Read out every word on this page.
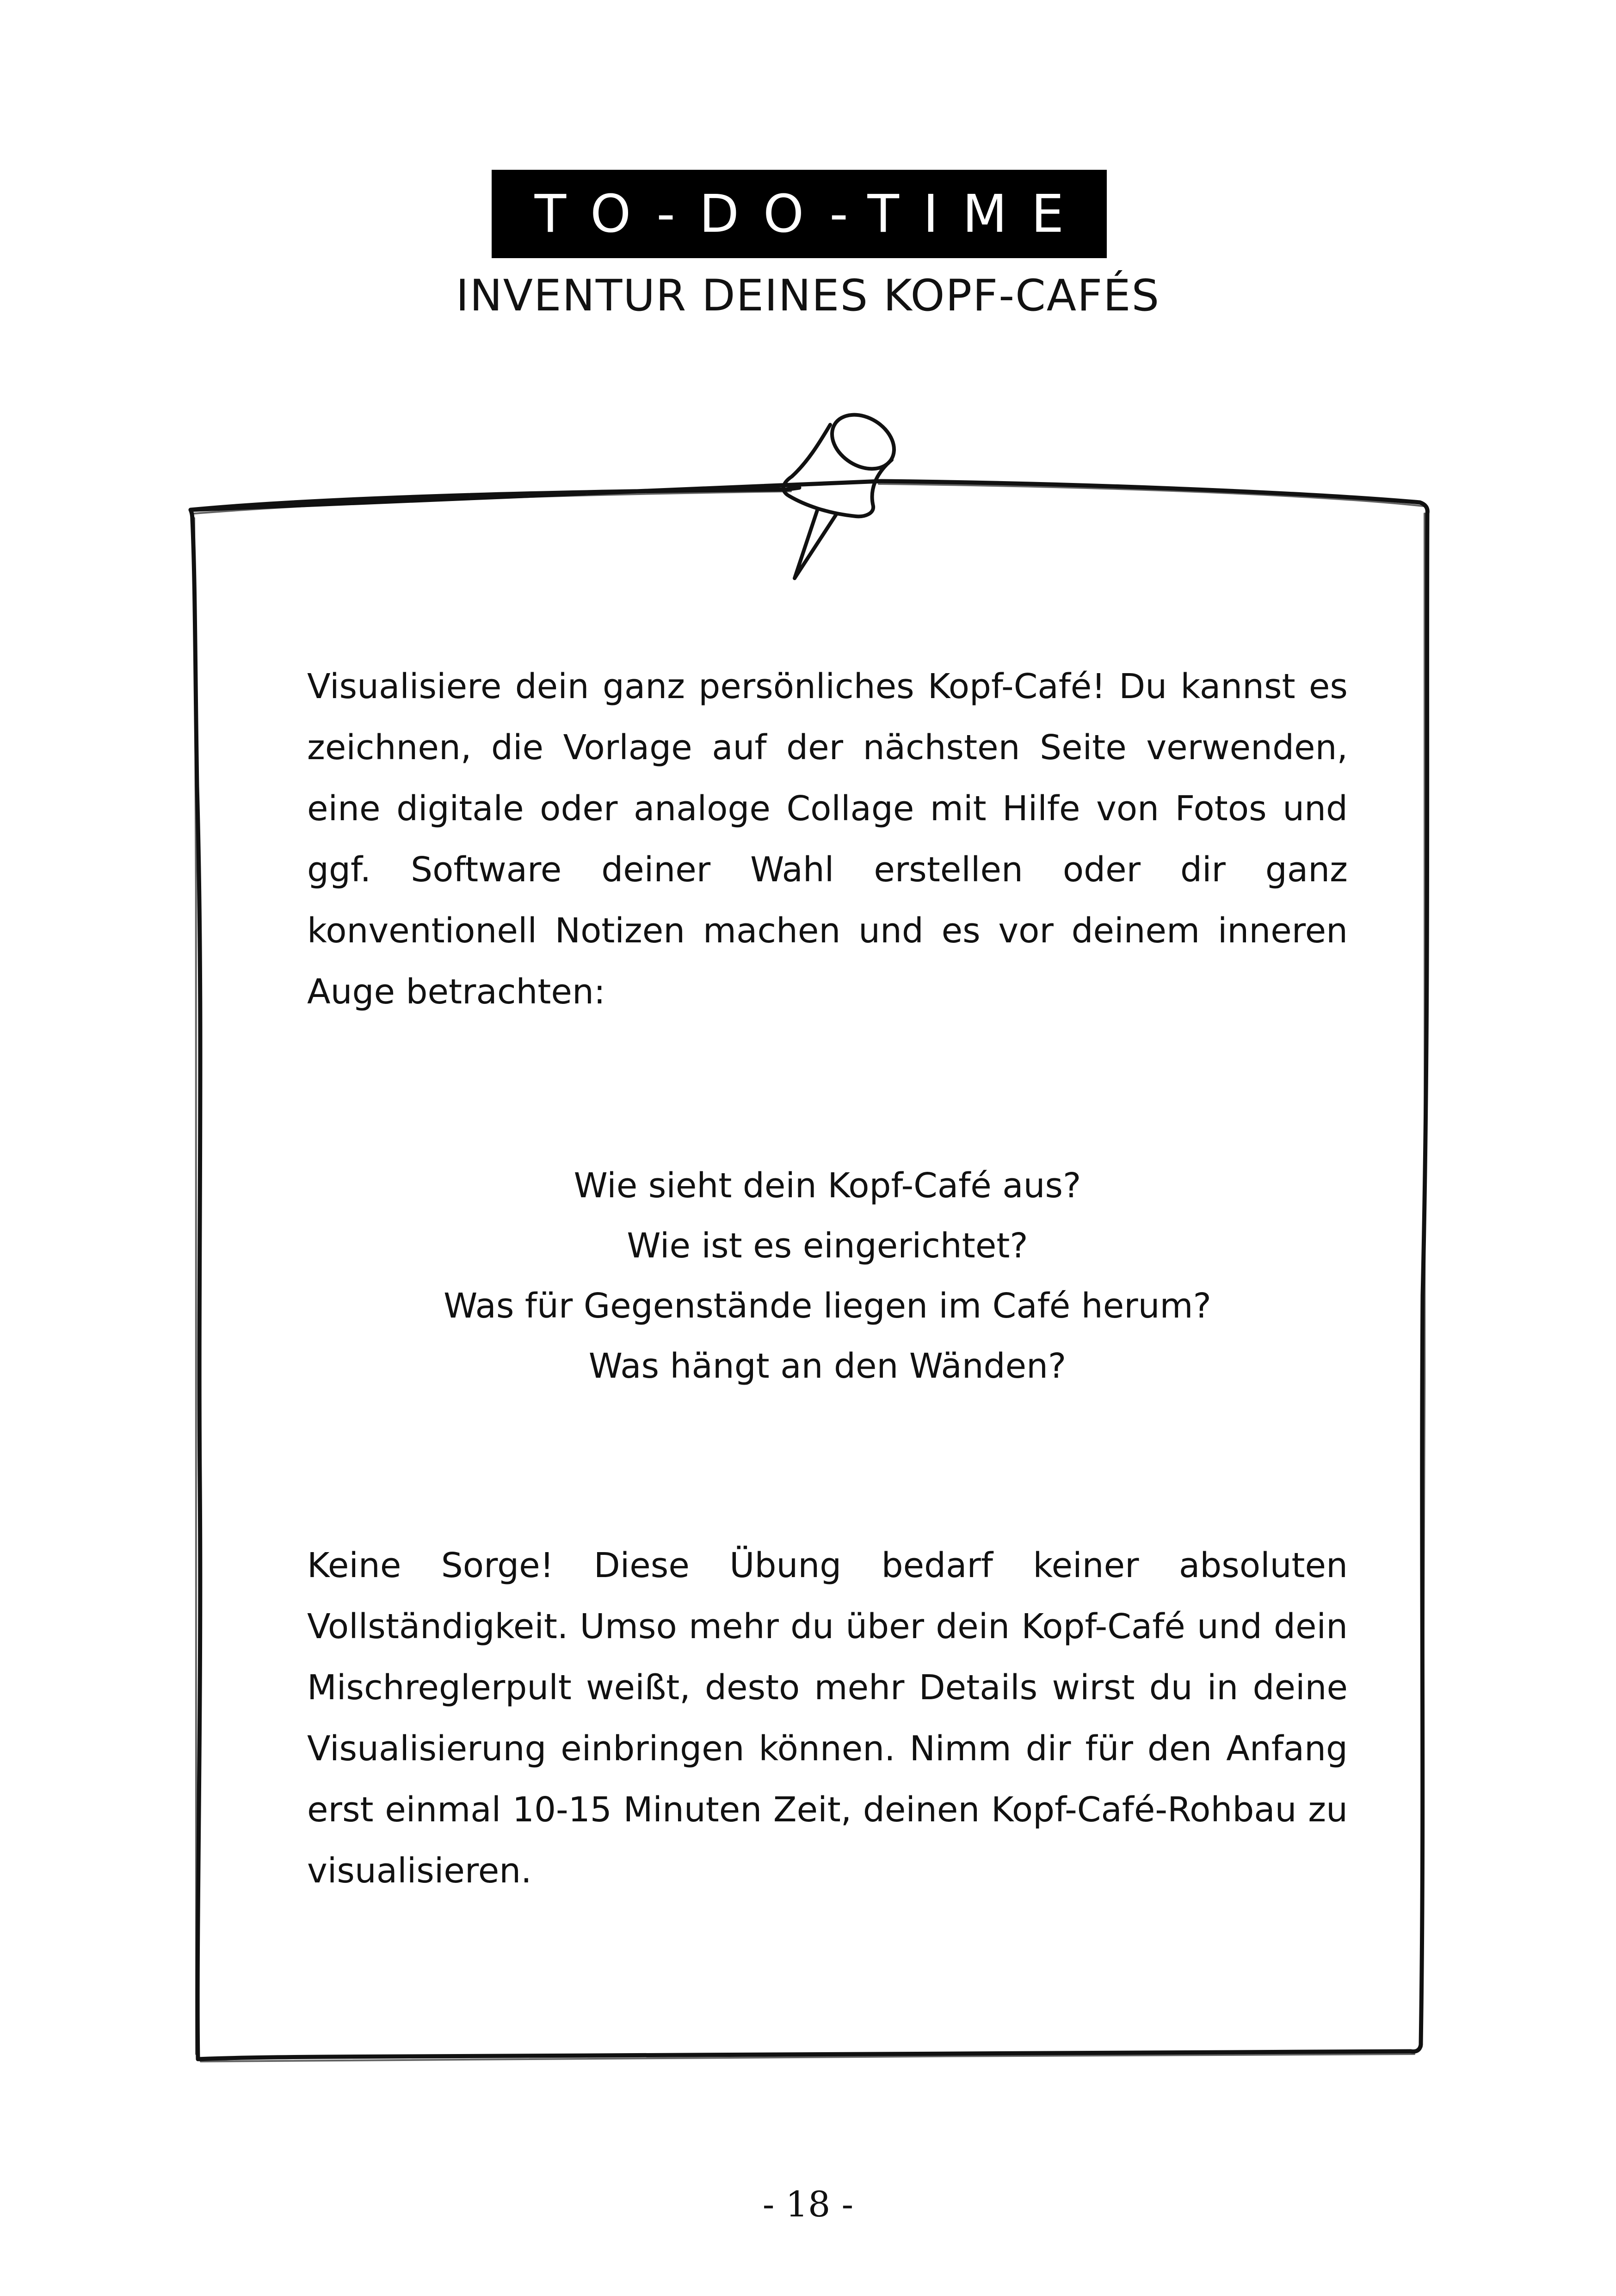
TO-DO-TIME
INVENTUR DEINES KOPF-CAFÉS

Visualisiere dein ganz persönliches Kopf-Café! Du kannst es zeichnen, die Vorlage auf der nächsten Seite verwenden, eine digitale oder analoge Collage mit Hilfe von Fotos und ggf. Software deiner Wahl erstellen oder dir ganz konventionell Notizen machen und es vor deinem inneren Auge betrachten:

Wie sieht dein Kopf-Café aus?
Wie ist es eingerichtet?
Was für Gegenstände liegen im Café herum?
Was hängt an den Wänden?

Keine Sorge! Diese Übung bedarf keiner absoluten Vollständigkeit. Umso mehr du über dein Kopf-Café und dein Mischreglerpult weißt, desto mehr Details wirst du in deine Visualisierung einbringen können. Nimm dir für den Anfang erst einmal 10-15 Minuten Zeit, deinen Kopf-Café-Rohbau zu visualisieren.

- 18 -
